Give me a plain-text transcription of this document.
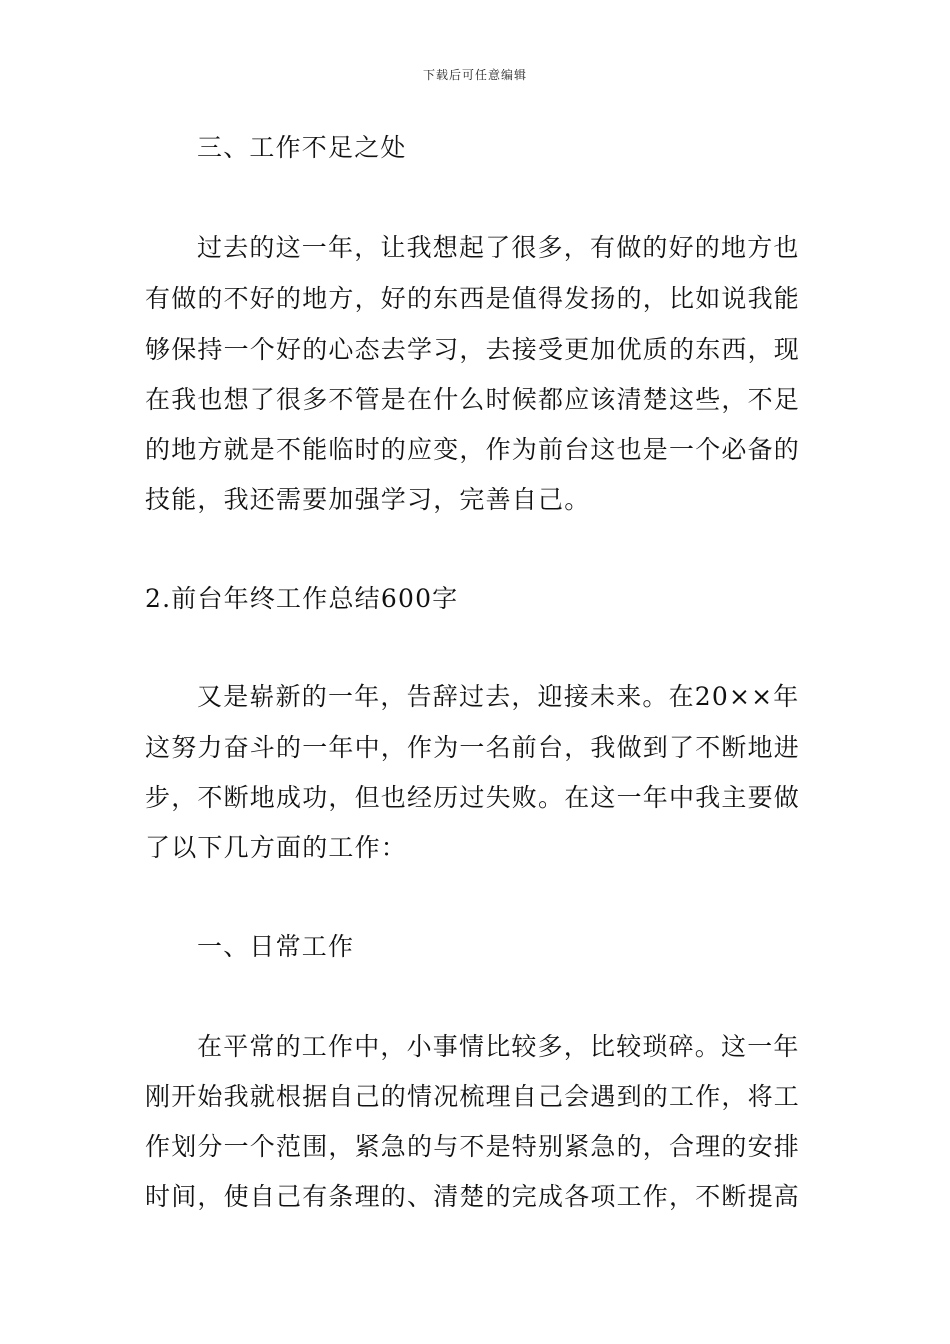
下载后可任意编辑
三、工作不足之处
过去的这一年，让我想起了很多，有做的好的地方也
有做的不好的地方，好的东西是值得发扬的，比如说我能
够保持一个好的心态去学习，去接受更加优质的东西，现
在我也想了很多不管是在什么时候都应该清楚这些，不足
的地方就是不能临时的应变，作为前台这也是一个必备的
技能，我还需要加强学习，完善自己。
2.前台年终工作总结600字
又是崭新的一年，告辞过去，迎接未来。在20××年
这努力奋斗的一年中，作为一名前台，我做到了不断地进
步，不断地成功，但也经历过失败。在这一年中我主要做
了以下几方面的工作：
一、日常工作
在平常的工作中，小事情比较多，比较琐碎。这一年
刚开始我就根据自己的情况梳理自己会遇到的工作，将工
作划分一个范围，紧急的与不是特别紧急的，合理的安排
时间，使自己有条理的、清楚的完成各项工作，不断提高
